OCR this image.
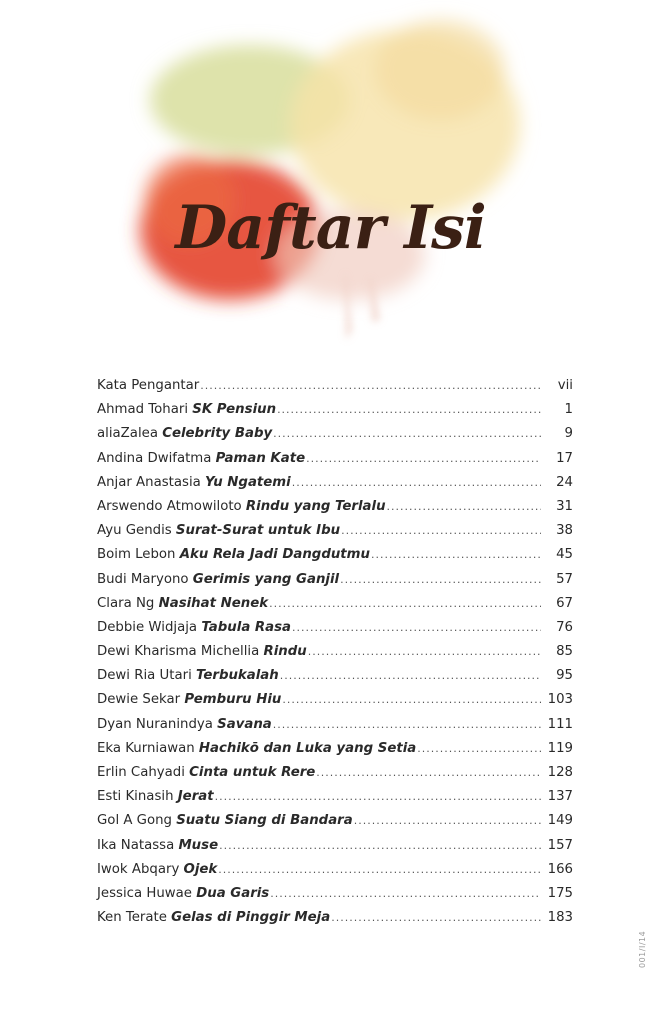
Daftar Isi
Kata Pengantar .....	vii
Ahmad Tohari SK Pensiun .....	1
aliaZalea Celebrity Baby .....	9
Andina Dwifatma Paman Kate .....	17
Anjar Anastasia Yu Ngatemi .....	24
Arswendo Atmowiloto Rindu yang Terlalu .....	31
Ayu Gendis Surat-Surat untuk Ibu .....	38
Boim Lebon Aku Rela Jadi Dangdutmu .....	45
Budi Maryono Gerimis yang Ganjil .....	57
Clara Ng Nasihat Nenek .....	67
Debbie Widjaja Tabula Rasa .....	76
Dewi Kharisma Michellia Rindu .....	85
Dewi Ria Utari Terbukalah .....	95
Dewie Sekar Pemburu Hiu .....	103
Dyan Nuranindya Savana .....	111
Eka Kurniawan Hachikō dan Luka yang Setia .....	119
Erlin Cahyadi Cinta untuk Rere .....	128
Esti Kinasih Jerat .....	137
Gol A Gong Suatu Siang di Bandara .....	149
Ika Natassa Muse .....	157
Iwok Abqary Ojek .....	166
Jessica Huwae Dua Garis .....	175
Ken Terate Gelas di Pinggir Meja .....	183
001/I/14
